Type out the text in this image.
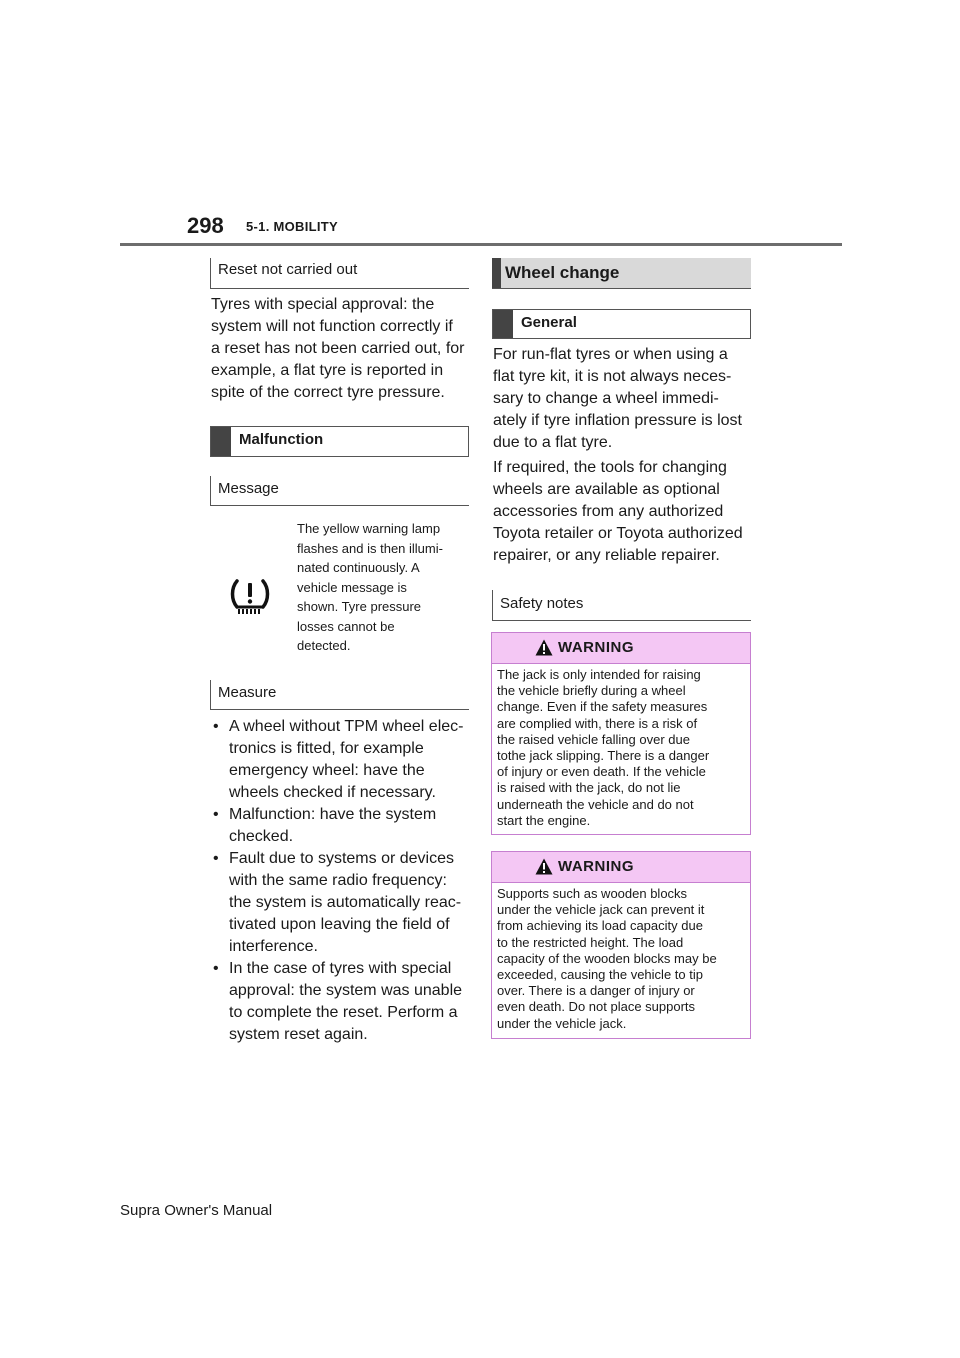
298 5-1. MOBILITY
Reset not carried out

Tyres with special approval: the

system will not function correctly if

a reset has not been carried out, for

example, a flat tyre is reported in

spite of the correct tyre pressure.

Malfunction
Message
The yellow warning lamp
flashes and is then illumi-
nated continuously. A
vehicle message is
shown. Tyre pressure
losses cannot be
detected.
Measure
• A wheel without TPM wheel elec-
tronics is fitted, for example
emergency wheel: have the
wheels checked if necessary.
• Malfunction: have the system
checked.
• Fault due to systems or devices
with the same radio frequency:
the system is automatically reac-
tivated upon leaving the field of
interference.
• In the case of tyres with special
approval: the system was unable
to complete the reset. Perform a
system reset again.
Wheel change
General

For run-flat tyres or when using a

flat tyre kit, it is not always neces-

sary to change a wheel immedi-

ately if tyre inflation pressure is lost

due to a flat tyre.

If required, the tools for changing

wheels are available as optional

accessories from any authorized

Toyota retailer or Toyota authorized

repairer, or any reliable repairer.

Safety notes
WARNING
The jack is only intended for raising
the vehicle briefly during a wheel
change. Even if the safety measures
are complied with, there is a risk of
the raised vehicle falling over due
tothe jack slipping. There is a danger
of injury or even death. If the vehicle
is raised with the jack, do not lie
underneath the vehicle and do not
start the engine.
WARNING
Supports such as wooden blocks
under the vehicle jack can prevent it
from achieving its load capacity due
to the restricted height. The load
capacity of the wooden blocks may be
exceeded, causing the vehicle to tip
over. There is a danger of injury or
even death. Do not place supports
under the vehicle jack.
Supra Owner's Manual
